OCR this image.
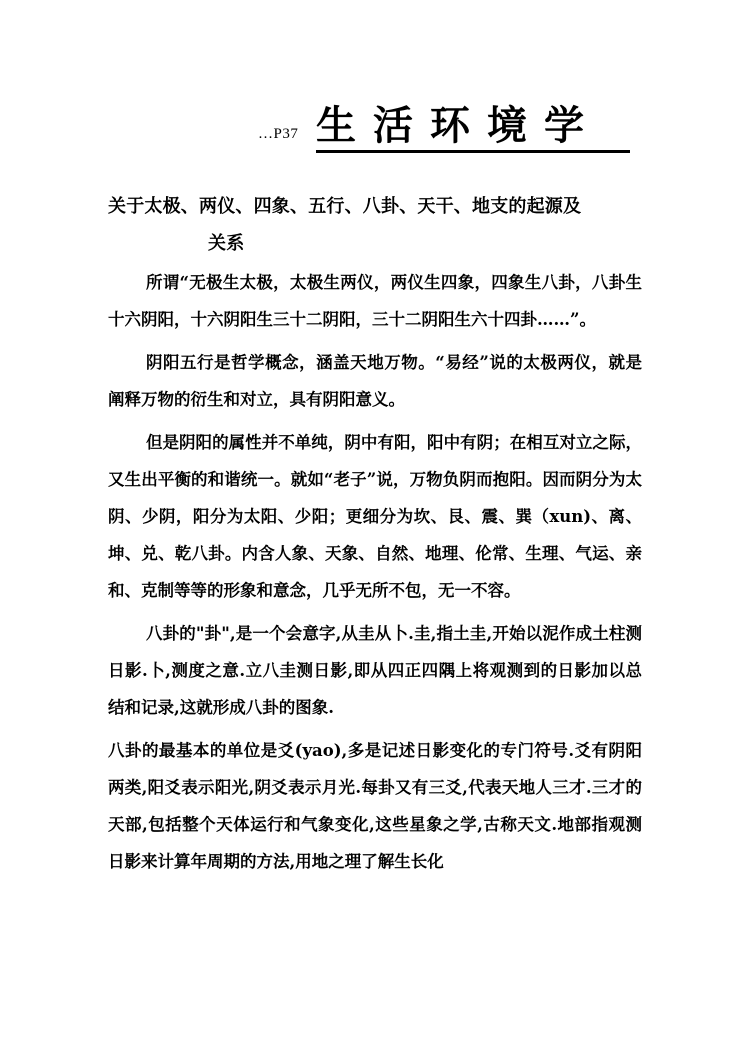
…P37 生活环境学
关于太极、两仪、四象、五行、八卦、天干、地支的起源及
关系

所谓“无极生太极，太极生两仪，两仪生四象，四象生八卦，八卦生十六阴阳，十六阴阳生三十二阴阳，三十二阴阳生六十四卦……”。

阴阳五行是哲学概念，涵盖天地万物。“易经”说的太极两仪，就是阐释万物的衍生和对立，具有阴阳意义。

但是阴阳的属性并不单纯，阴中有阳，阳中有阴；在相互对立之际，又生出平衡的和谐统一。就如“老子”说，万物负阴而抱阳。因而阴分为太阴、少阴，阳分为太阳、少阳；更细分为坎、艮、震、巽（xun)、离、坤、兑、乾八卦。内含人象、天象、自然、地理、伦常、生理、气运、亲和、克制等等的形象和意念，几乎无所不包，无一不容。

八卦的"卦",是一个会意字,从圭从卜.圭,指土圭,开始以泥作成土柱测日影.卜,测度之意.立八圭测日影,即从四正四隅上将观测到的日影加以总结和记录,这就形成八卦的图象.

八卦的最基本的单位是爻(yao),多是记述日影变化的专门符号.爻有阴阳两类,阳爻表示阳光,阴爻表示月光.每卦又有三爻,代表天地人三才.三才的天部,包括整个天体运行和气象变化,这些星象之学,古称天文.地部指观测日影来计算年周期的方法,用地之理了解生长化
